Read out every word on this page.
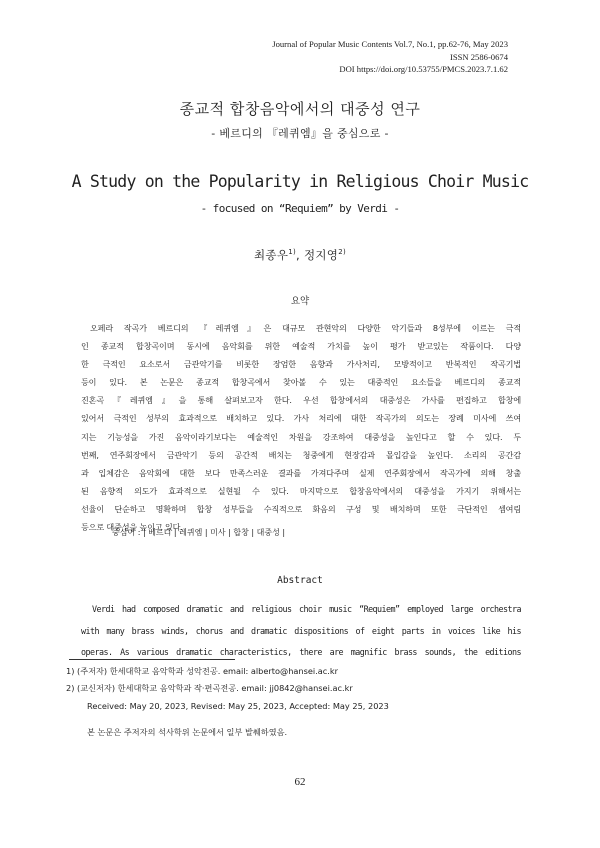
Journal of Popular Music Contents Vol.7, No.1, pp.62-76, May 2023
ISSN 2586-0674
DOI https://doi.org/10.53755/PMCS.2023.7.1.62
종교적 합창음악에서의 대중성 연구
- 베르디의 『레퀴엠』을 중심으로 -
A Study on the Popularity in Religious Choir Music
- focused on “Requiem” by Verdi -
최종우$^{1)}$, 정지영$^{2)}$
요약
오페라 작곡가 베르디의 『레퀴엠』은 대규모 관현악의 다양한 악기들과 8성부에 이르는 극적
인 종교적 합창곡이며 동시에 음악회를 위한 예술적 가치를 높이 평가 받고있는 작품이다. 다양
한 극적인 요소로서 금관악기를 비롯한 장엄한 음향과 가사처리, 모방적이고 반복적인 작곡기법
등이 있다. 본 논문은 종교적 합창곡에서 찾아볼 수 있는 대중적인 요소들을 베르디의 종교적
진혼곡『레퀴엠』을 통해 살펴보고자 한다. 우선 합창에서의 대중성은 가사를 편집하고 합창에
있어서 극적인 성부의 효과적으로 배치하고 있다. 가사 처리에 대한 작곡가의 의도는 장례 미사에 쓰여
지는 기능성을 가진 음악이라기보다는 예술적인 차원을 강조하여 대중성을 높인다고 할 수 있다. 두
번째, 연주회장에서 금관악기 등의 공간적 배치는 청중에게 현장감과 몰입감을 높인다. 소리의 공간감
과 입체감은 음악회에 대한 보다 만족스러운 결과를 가져다주며 실제 연주회장에서 작곡가에 의해 창출
된 음향적 의도가 효과적으로 실현될 수 있다. 마지막으로 합창음악에서의 대중성을 가지기 위해서는
선율이 단순하고 명확하며 합창 성부들을 수직적으로 화음의 구성 및 배치하며 또한 극단적인 셈여림
등으로 대중성을 높이고 있다.
중심어 : | 베르디 | 레퀴엠 | 미사 | 합창 | 대중성 |
Abstract
Verdi had composed dramatic and religious choir music “Requiem” employed large orchestra
with many brass winds, chorus and dramatic dispositions of eight parts in voices like his
operas. As various dramatic characteristics, there are magnific brass sounds, the editions
1) (주저자) 한세대학교 음악학과 성악전공. email: alberto@hansei.ac.kr
2) (교신저자) 한세대학교 음악학과 작·편곡전공. email: jj0842@hansei.ac.kr
Received: May 20, 2023, Revised: May 25, 2023, Accepted: May 25, 2023
본 논문은 주저자의 석사학위 논문에서 일부 발췌하였음.
62
